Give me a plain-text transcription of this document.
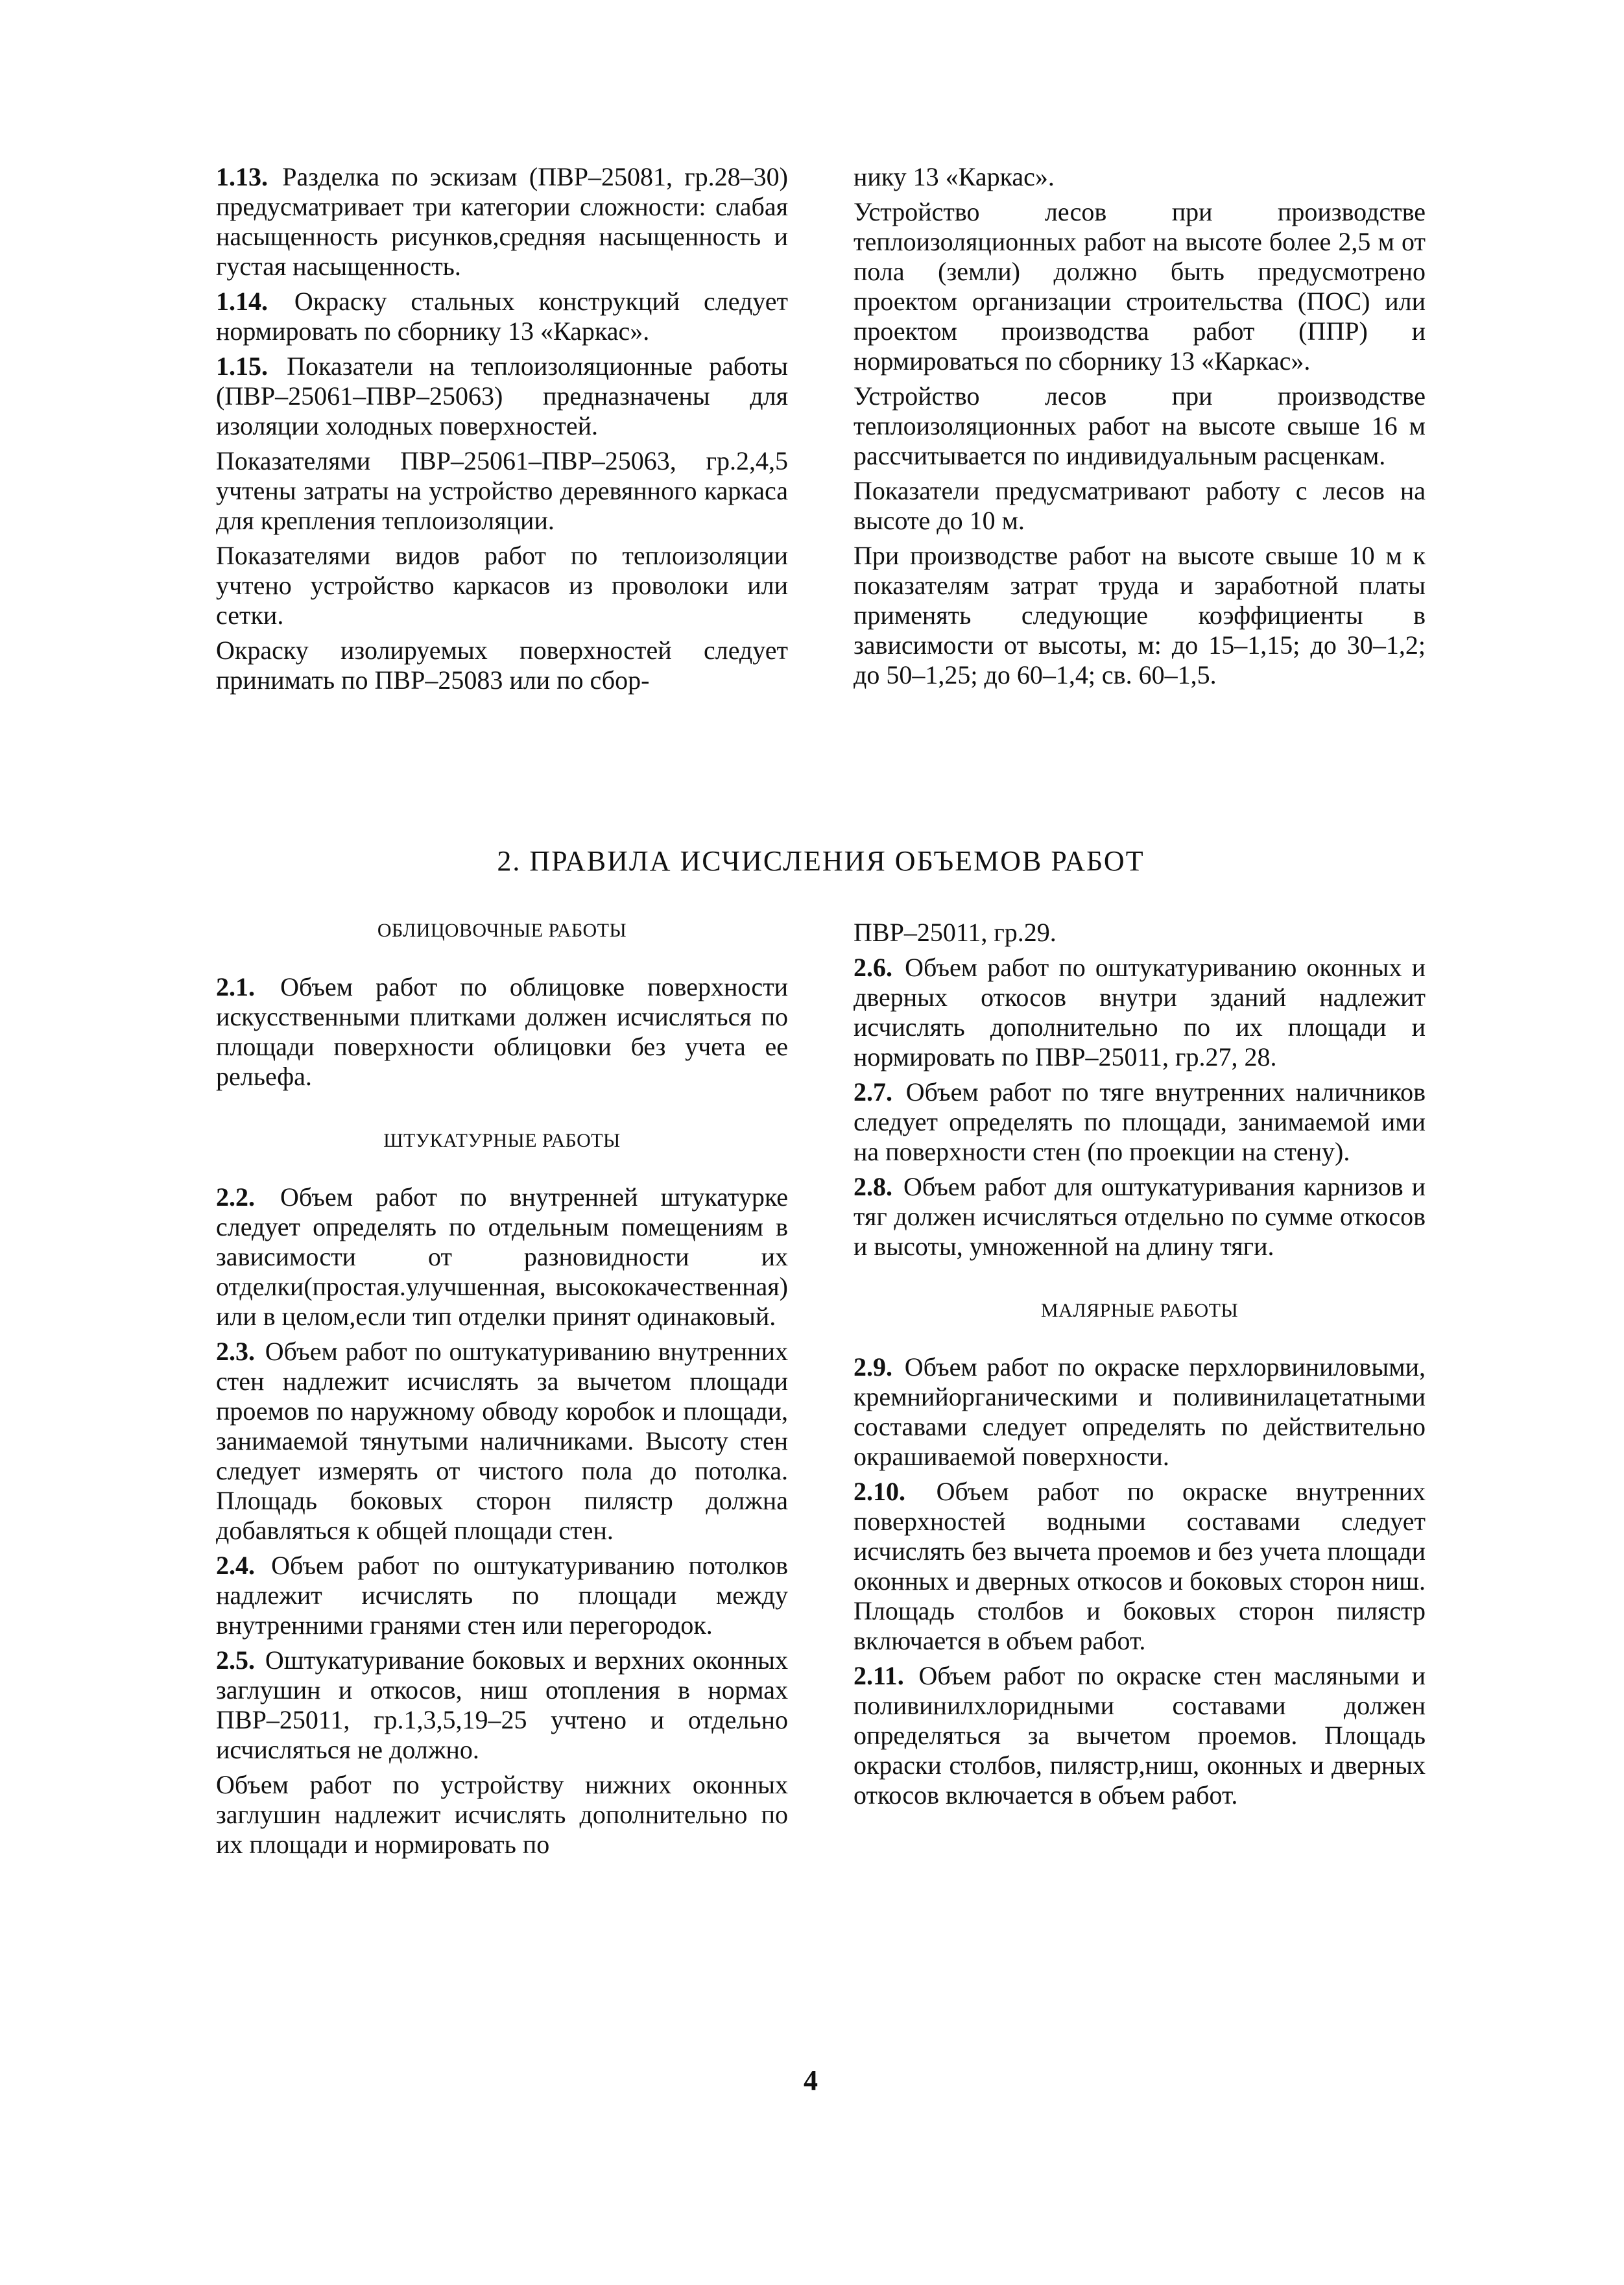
1.13. Разделка по эскизам (ПВР–25081, гр.28–30) предусматривает три категории сложности: слабая насыщенность рисунков,средняя насыщенность и густая насыщенность.

1.14. Окраску стальных конструкций следует нормировать по сборнику 13 «Каркас».

1.15. Показатели на теплоизоляционные работы (ПВР–25061–ПВР–25063) предназначены для изоляции холодных поверхностей.

Показателями ПВР–25061–ПВР–25063, гр.2,4,5 учтены затраты на устройство деревянного каркаса для крепления теплоизоляции.

Показателями видов работ по теплоизоляции учтено устройство каркасов из проволоки или сетки.

Окраску изолируемых поверхностей следует принимать по ПВР–25083 или по сбор-

нику 13 «Каркас».

Устройство лесов при производстве теплоизоляционных работ на высоте более 2,5 м от пола (земли) должно быть предусмотрено проектом организации строительства (ПОС) или проектом производства работ (ППР) и нормироваться по сборнику 13 «Каркас».

Устройство лесов при производстве теплоизоляционных работ на высоте свыше 16 м рассчитывается по индивидуальным расценкам.

Показатели предусматривают работу с лесов на высоте до 10 м.

При производстве работ на высоте свыше 10 м к показателям затрат труда и заработной платы применять следующие коэффициенты в зависимости от высоты, м: до 15–1,15; до 30–1,2; до 50–1,25; до 60–1,4; св. 60–1,5.

2. ПРАВИЛА ИСЧИСЛЕНИЯ ОБЪЕМОВ РАБОТ
ОБЛИЦОВОЧНЫЕ РАБОТЫ

2.1. Объем работ по облицовке поверхности искусственными плитками должен исчисляться по площади поверхности облицовки без учета ее рельефа.

ШТУКАТУРНЫЕ РАБОТЫ

2.2. Объем работ по внутренней штукатурке следует определять по отдельным помещениям в зависимости от разновидности их отделки(простая.улучшенная, высококачественная) или в целом,если тип отделки принят одинаковый.

2.3. Объем работ по оштукатуриванию внутренних стен надлежит исчислять за вычетом площади проемов по наружному обводу коробок и площади, занимаемой тянутыми наличниками. Высоту стен следует измерять от чистого пола до потолка. Площадь боковых сторон пилястр должна добавляться к общей площади стен.

2.4. Объем работ по оштукатуриванию потолков надлежит исчислять по площади между внутренними гранями стен или перегородок.

2.5. Оштукатуривание боковых и верхних оконных заглушин и откосов, ниш отопления в нормах ПВР–25011, гр.1,3,5,19–25 учтено и отдельно исчисляться не должно.

Объем работ по устройству нижних оконных заглушин надлежит исчислять дополнительно по их площади и нормировать по

ПВР–25011, гр.29.

2.6. Объем работ по оштукатуриванию оконных и дверных откосов внутри зданий надлежит исчислять дополнительно по их площади и нормировать по ПВР–25011, гр.27, 28.

2.7. Объем работ по тяге внутренних наличников следует определять по площади, занимаемой ими на поверхности стен (по проекции на стену).

2.8. Объем работ для оштукатуривания карнизов и тяг должен исчисляться отдельно по сумме откосов и высоты, умноженной на длину тяги.

МАЛЯРНЫЕ РАБОТЫ

2.9. Объем работ по окраске перхлорвиниловыми, кремнийорганическими и поливинилацетатными составами следует определять по действительно окрашиваемой поверхности.

2.10. Объем работ по окраске внутренних поверхностей водными составами следует исчислять без вычета проемов и без учета площади оконных и дверных откосов и боковых сторон ниш. Площадь столбов и боковых сторон пилястр включается в объем работ.

2.11. Объем работ по окраске стен масляными и поливинилхлоридными составами должен определяться за вычетом проемов. Площадь окраски столбов, пилястр,ниш, оконных и дверных откосов включается в объем работ.

4
